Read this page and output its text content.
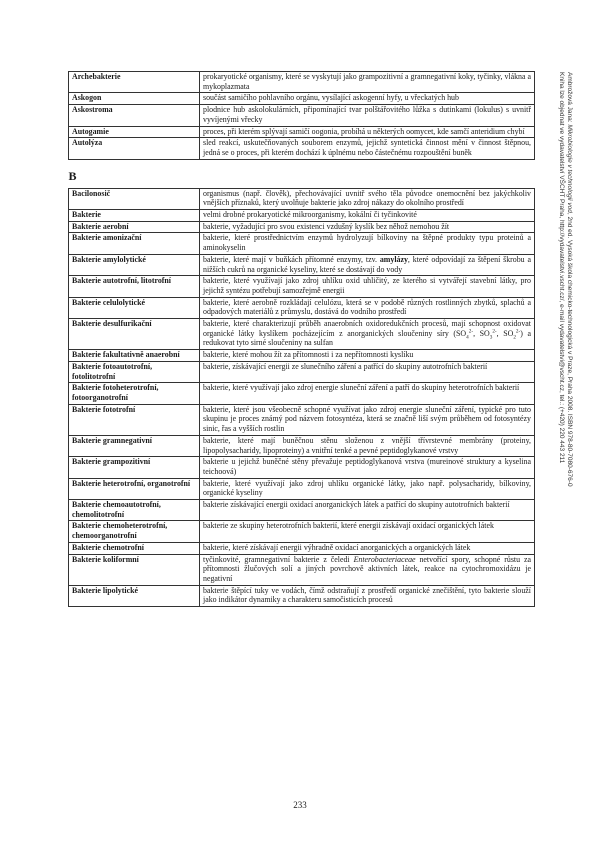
Ambrožová Jana: Mikrobiologie v technologii vod, 2nd ed. Vysoká škola chemicko-technologická v Praze, Praha 2008. ISBN 978-80-7080-676-0
Kniha lze objednat ve vydavatelství VŠCHT Praha, http://vydavatelstvi.vscht.cz/, e-mail vydavatelstvi@vscht.cz, tel.: (+420) 220 443 211
Archebakterie	prokaryotické organismy, které se vyskytují jako grampozitivní a gramnegativní koky, tyčinky, vlákna a mykoplazmata
Askogon	součást samičího pohlavního orgánu, vysílající askogenní hyfy, u vřeckatých hub
Askostroma	plodnice hub askolokulárních, připomínající tvar polštářovitého lůžka s dutinkami (lokulus) s uvnitř vyvíjenými vřecky
Autogamie	proces, při kterém splývají samičí oogonia, probíhá u některých oomycet, kde samčí anteridium chybí
Autolýza	sled reakcí, uskutečňovaných souborem enzymů, jejichž syntetická činnost mění v činnost štěpnou, jedná se o proces, při kterém dochází k úplnému nebo částečnému rozpouštění buněk
B	
Bacilonosič	organismus (např. člověk), přechovávající uvnitř svého těla původce onemocnění bez jakýchkoliv vnějších příznaků, který uvolňuje bakterie jako zdroj nákazy do okolního prostředí
Bakterie	velmi drobné prokaryotické mikroorganismy, kokální či tyčinkovité
Bakterie aerobní	bakterie, vyžadující pro svou existenci vzdušný kyslík bez něhož nemohou žít
Bakterie amonizační	bakterie, které prostřednictvím enzymů hydrolyzují bílkoviny na štěpné produkty typu proteinů a aminokyselin
Bakterie amylolytické	bakterie, které mají v buňkách přítomné enzymy, tzv. amylázy, které odpovídají za štěpení škrobu a nižších cukrů na organické kyseliny, které se dostávají do vody
Bakterie autotrofní, litotrofní	bakterie, které využívají jako zdroj uhlíku oxid uhličitý, ze kterého si vytvářejí stavební látky, pro jejichž syntézu potřebují samozřejmě energii
Bakterie celulolytické	bakterie, které aerobně rozkládají celulózu, která se v podobě různých rostlinných zbytků, splachů a odpadových materiálů z průmyslu, dostává do vodního prostředí
Bakterie desulfurikační	bakterie, které charakterizují průběh anaerobních oxidoredukčních procesů, mají schopnost oxidovat organické látky kyslíkem pocházejícím z anorganických sloučeniny síry ($SO_4^{2-}$, $SO_3^{2-}$, $SO_2^{2-}$) a redukovat tyto sirné sloučeniny na sulfan
Bakterie fakultativně anaerobní	bakterie, které mohou žít za přítomnosti i za nepřítomnosti kyslíku
Bakterie fotoautotrofní, fotolitotrofní	bakterie, získávající energii ze slunečního záření a patřící do skupiny autotrofních bakterií
Bakterie fotoheterotrofní, fotoorganotrofní	bakterie, které využívají jako zdroj energie sluneční záření a patří do skupiny heterotrofních bakterií
Bakterie fototrofní	bakterie, které jsou všeobecně schopné využívat jako zdroj energie sluneční záření, typické pro tuto skupinu je proces známý pod názvem fotosyntéza, která se značně liší svým průběhem od fotosyntézy sinic, řas a vyšších rostlin
Bakterie gramnegativní	bakterie, které mají buněčnou stěnu složenou z vnější třívrstevné membrány (proteiny, lipopolysacharidy, lipoproteiny) a vnitřní tenké a pevné peptidoglykanové vrstvy
Bakterie grampozitivní	bakterie u jejichž buněčné stěny převažuje peptidoglykanová vrstva (mureinové struktury a kyselina teichoová)
Bakterie heterotrofní, organotrofní	bakterie, které využívají jako zdroj uhlíku organické látky, jako např. polysacharidy, bílkoviny, organické kyseliny
Bakterie chemoautotrofní, chemolitotrofní	bakterie získávající energii oxidací anorganických látek a patřící do skupiny autotrofních bakterií
Bakterie chemoheterotrofní, chemoorganotrofní	bakterie ze skupiny heterotrofních bakterií, které energii získávají oxidací organických látek
Bakterie chemotrofní	bakterie, které získávají energii výhradně oxidací anorganických a organických látek
Bakterie koliformní	tyčinkovité, gramnegativní bakterie z čeledi Enterobacteriaceae netvořící spory, schopné růstu za přítomnosti žlučových solí a jiných povrchově aktivních látek, reakce na cytochromoxidázu je negativní
Bakterie lipolytické	bakterie štěpící tuky ve vodách, čímž odstraňují z prostředí organické znečištění, tyto bakterie slouží jako indikátor dynamiky a charakteru samočisticích procesů
233
